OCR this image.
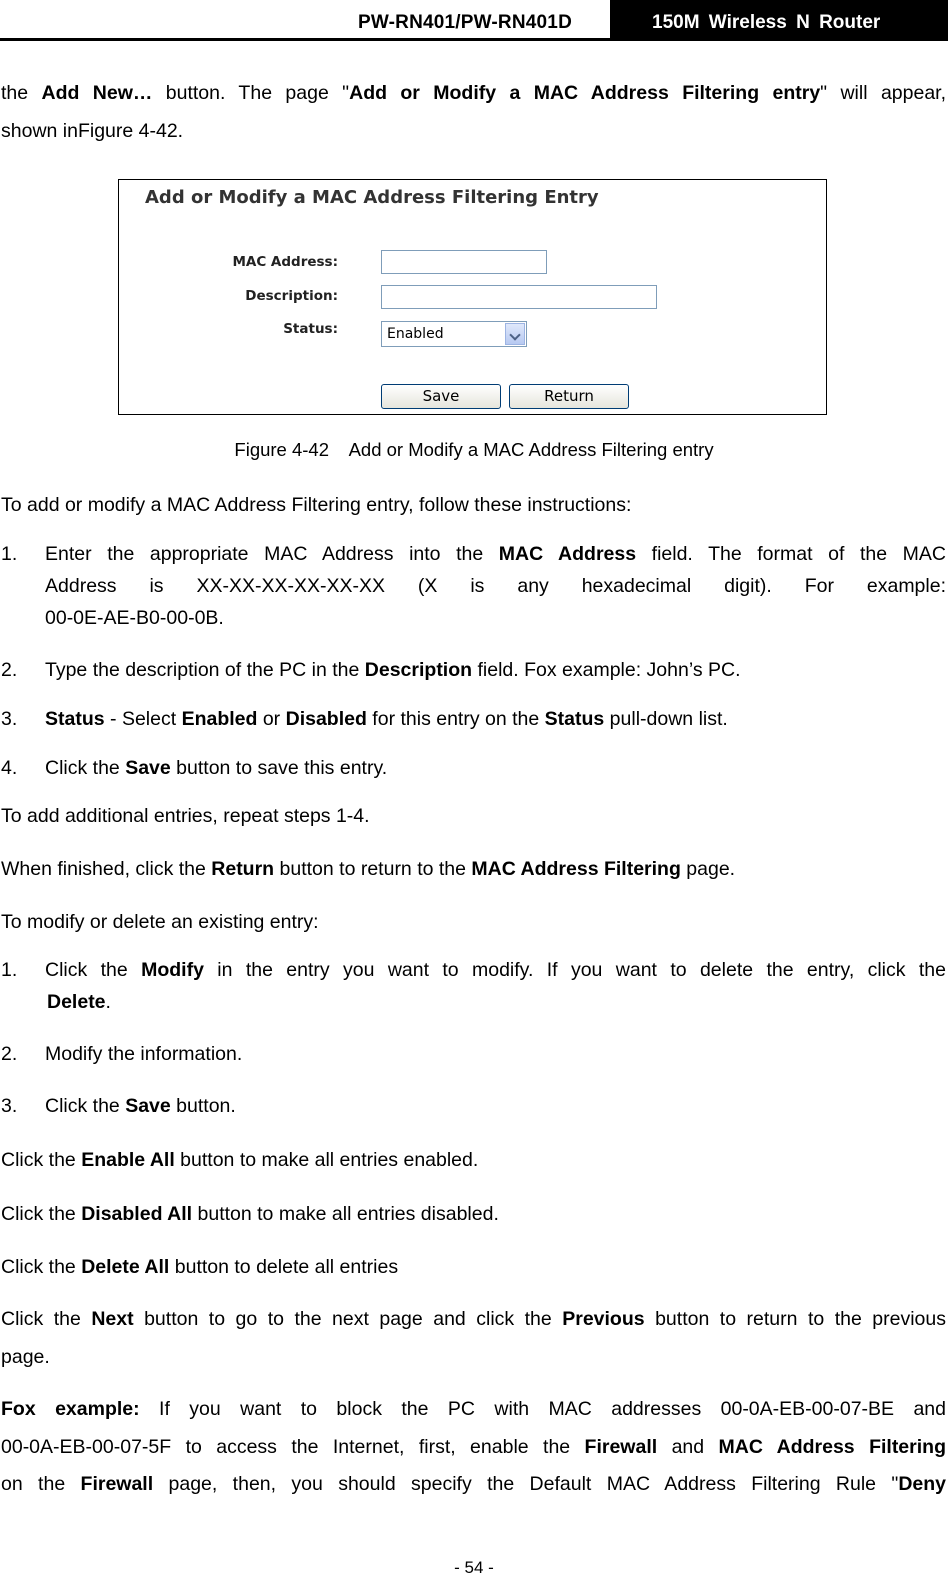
PW-RN401/PW-RN401D	150M Wireless N Router
the Add New… button. The page "Add or Modify a MAC Address Filtering entry" will appear,
shown inFigure 4-42.
Add or Modify a MAC Address Filtering Entry
MAC Address:
Description:
Status:	Enabled
Save	Return
Figure 4-42 Add or Modify a MAC Address Filtering entry
To add or modify a MAC Address Filtering entry, follow these instructions:
1. Enter the appropriate MAC Address into the MAC Address field. The format of the MAC
Address   is   XX-XX-XX-XX-XX-XX   (X   is   any   hexadecimal   digit).   For   example:
00-0E-AE-B0-00-0B.
2. Type the description of the PC in the Description field. Fox example: John’s PC.
3. Status - Select Enabled or Disabled for this entry on the Status pull-down list.
4. Click the Save button to save this entry.
To add additional entries, repeat steps 1-4.
When finished, click the Return button to return to the MAC Address Filtering page.
To modify or delete an existing entry:
1. Click the Modify in the entry you want to modify. If you want to delete the entry, click the
Delete.
2. Modify the information.
3. Click the Save button.
Click the Enable All button to make all entries enabled.
Click the Disabled All button to make all entries disabled.
Click the Delete All button to delete all entries
Click the Next button to go to the next page and click the Previous button to return to the previous
page.
Fox  example:  If  you  want  to  block  the  PC  with  MAC  addresses  00-0A-EB-00-07-BE  and
00-0A-EB-00-07-5F to access the Internet, first, enable the Firewall and MAC Address Filtering
on the Firewall page, then, you should specify the Default MAC Address Filtering Rule "Deny
- 54 -
